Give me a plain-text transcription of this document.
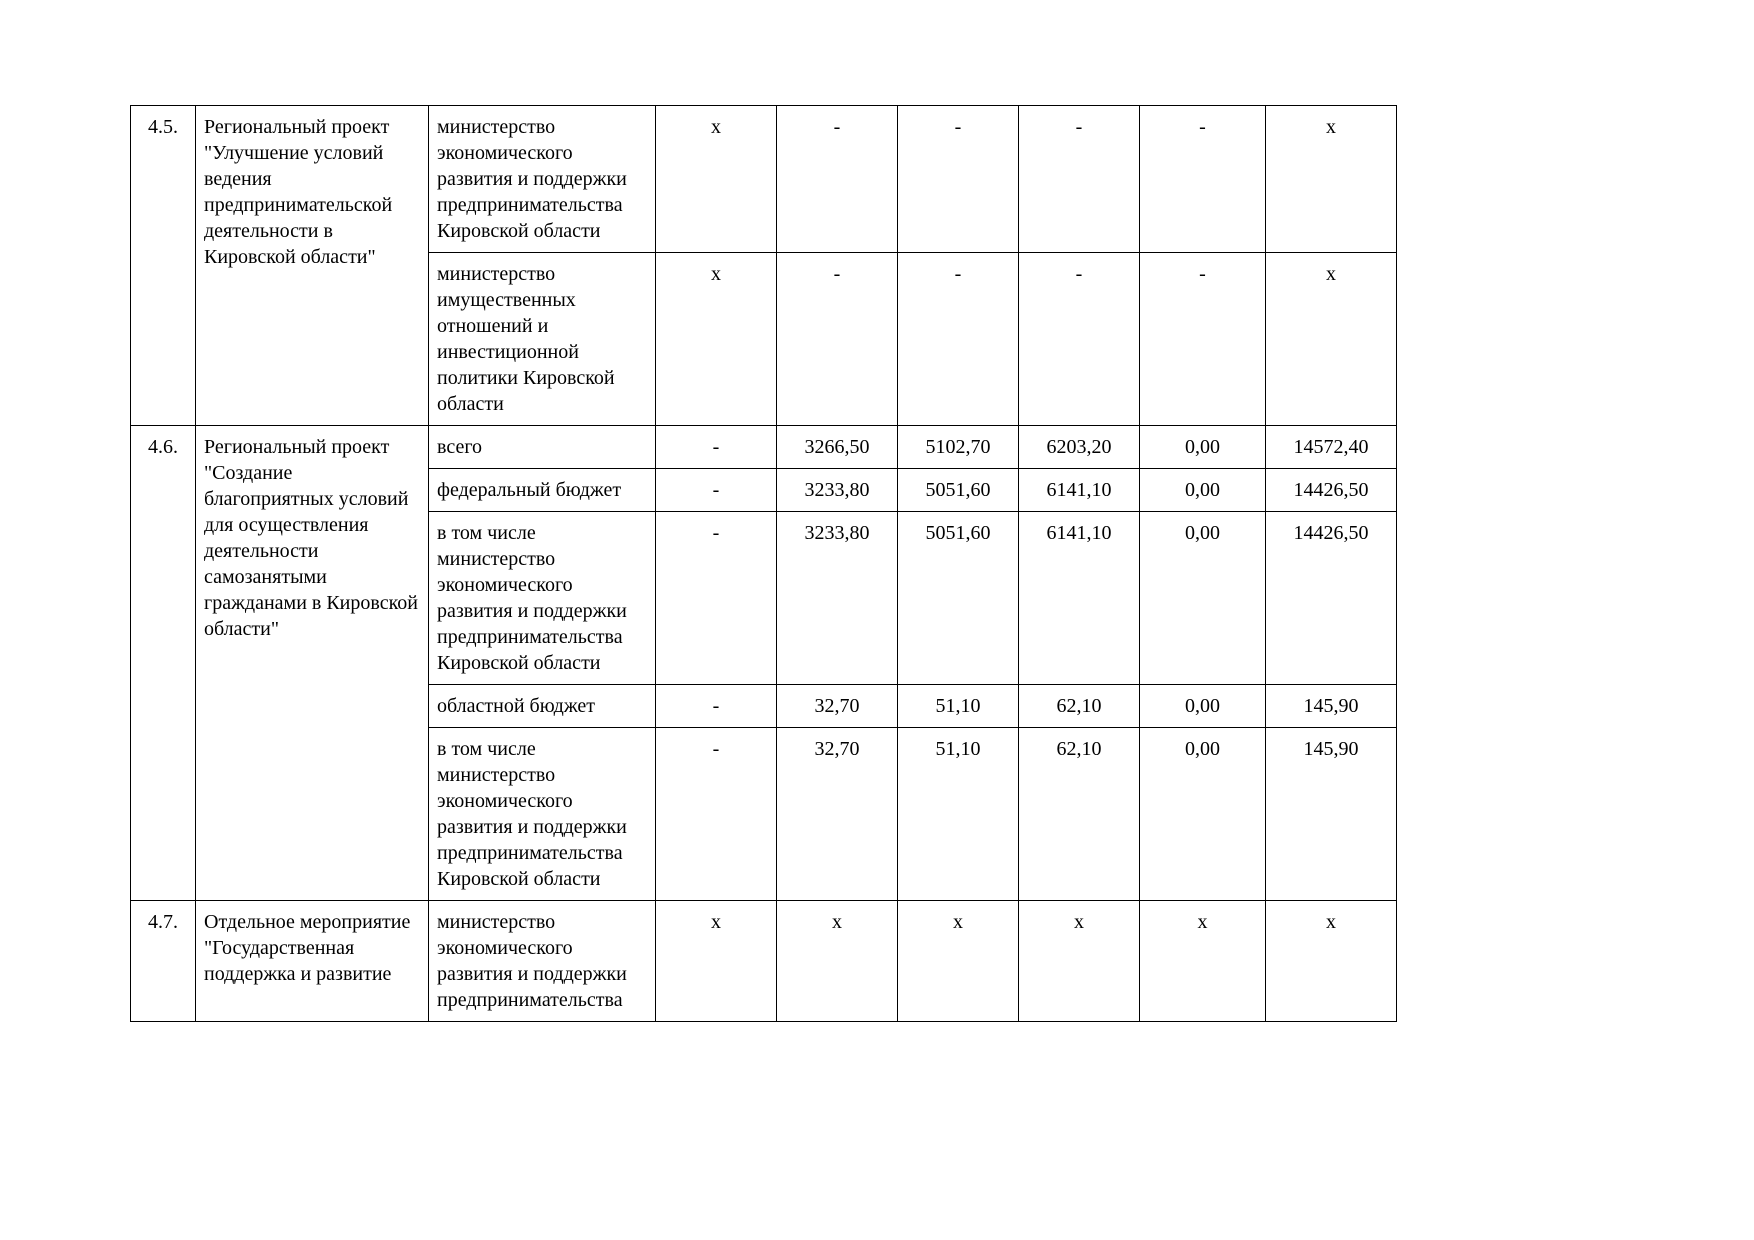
4.5.	Региональный проект "Улучшение условий ведения предпринимательской деятельности в Кировской области"	министерство экономического развития и поддержки предпринимательства Кировской области	x	-	-	-	-	x
		министерство имущественных отношений и инвестиционной политики Кировской области	x	-	-	-	-	x
4.6.	Региональный проект "Создание благоприятных условий для осуществления деятельности самозанятыми гражданами в Кировской области"	всего	-	3266,50	5102,70	6203,20	0,00	14572,40
		федеральный бюджет	-	3233,80	5051,60	6141,10	0,00	14426,50
		в том числе министерство экономического развития и поддержки предпринимательства Кировской области	-	3233,80	5051,60	6141,10	0,00	14426,50
		областной бюджет	-	32,70	51,10	62,10	0,00	145,90
		в том числе министерство экономического развития и поддержки предпринимательства Кировской области	-	32,70	51,10	62,10	0,00	145,90
4.7.	Отдельное мероприятие "Государственная поддержка и развитие	министерство экономического развития и поддержки предпринимательства	x	x	x	x	x	x
